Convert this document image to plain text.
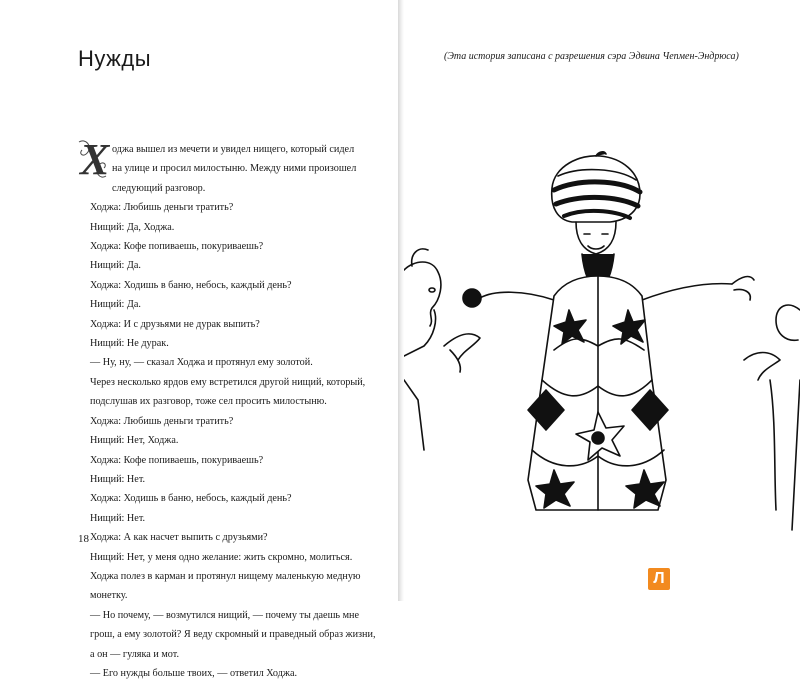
Нужды
Х оджа вышел из мечети и увидел нищего, который сидел

на улице и просил милостыню. Между ними произошел

следующий разговор.

Ходжа: Любишь деньги тратить?

Нищий: Да, Ходжа.

Ходжа: Кофе попиваешь, покуриваешь?

Нищий: Да.

Ходжа: Ходишь в баню, небось, каждый день?

Нищий: Да.

Ходжа: И с друзьями не дурак выпить?

Нищий: Не дурак.

— Ну, ну, — сказал Ходжа и протянул ему золотой.

Через несколько ярдов ему встретился другой нищий, который,

подслушав их разговор, тоже сел просить милостыню.

Ходжа: Любишь деньги тратить?

Нищий: Нет, Ходжа.

Ходжа: Кофе попиваешь, покуриваешь?

Нищий: Нет.

Ходжа: Ходишь в баню, небось, каждый день?

Нищий: Нет.

Ходжа: А как насчет выпить с друзьями?

Нищий: Нет, у меня одно желание: жить скромно, молиться.

Ходжа полез в карман и протянул нищему маленькую медную

монетку.

— Но почему, — возмутился нищий, — почему ты даешь мне

грош, а ему золотой? Я веду скромный и праведный образ жизни,

а он — гуляка и мот.

— Его нужды больше твоих, — ответил Ходжа.

18
(Эта история записана с разрешения сэра Эдвина Чепмен-Эндрюса)
Л
